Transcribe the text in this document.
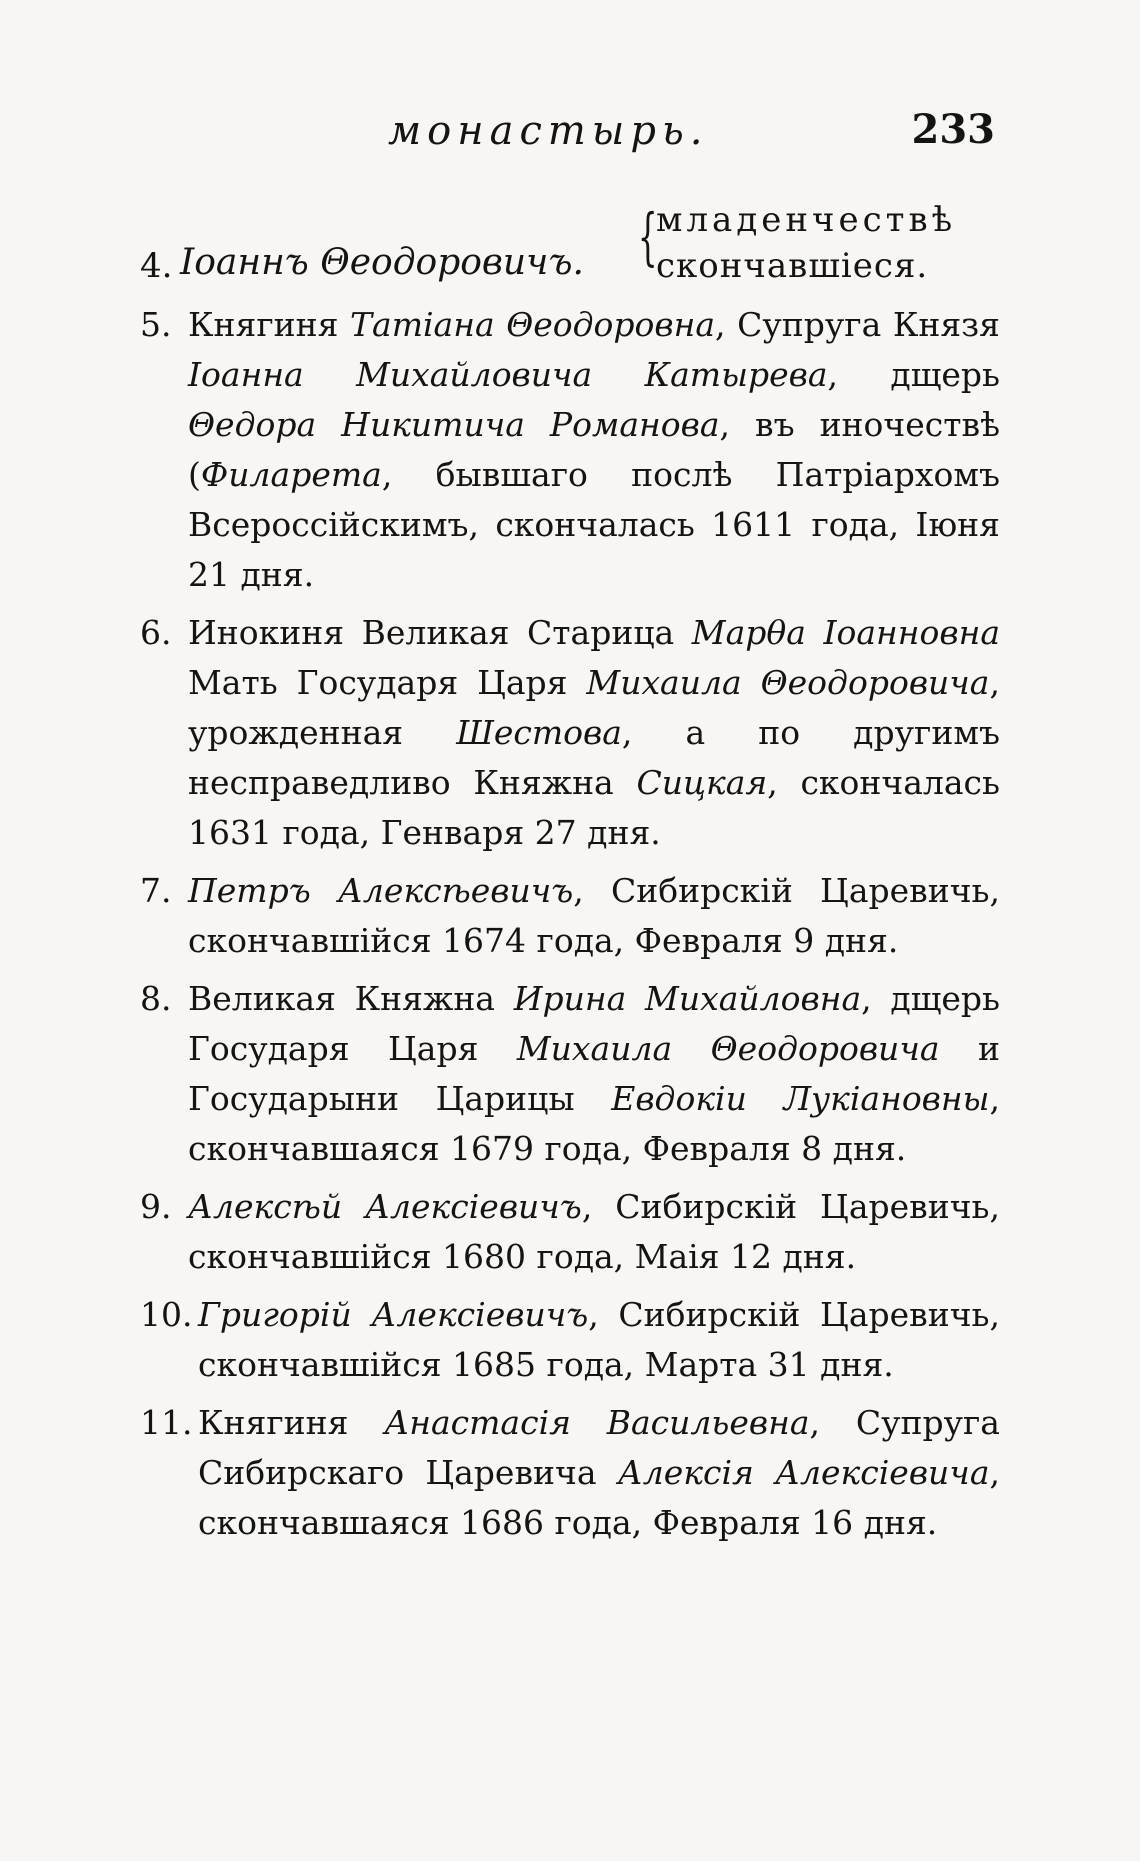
монастырь.	233
4. Іоаннъ Θеодоровичъ. {
младенчествѣ
скончавшіеся.
5. Княгиня Татіана Θеодоровна, Супруга Князя Іоанна Михайловича Катырева, дщерь Θедора Никитича Романова, въ иночествѣ (Филарета, бывшаго послѣ Патріархомъ Всероссійскимъ, скончалась 1611 года, Іюня 21 дня.
6. Инокиня Великая Старица Марθа Іоанновна Мать Государя Царя Михаила Θеодоровича, урожденная Шестова, а по другимъ несправедливо Княжна Сицкая, скончалась 1631 года, Генваря 27 дня.
7. Петръ Алексѣевичъ, Сибирскій Царевичь, скончавшійся 1674 года, Февраля 9 дня.
8. Великая Княжна Ирина Михайловна, дщерь Государя Царя Михаила Θеодоровича и Государыни Царицы Евдокіи Лукіановны, скончавшаяся 1679 года, Февраля 8 дня.
9. Алексѣй Алексіевичъ, Сибирскій Царевичь, скончавшійся 1680 года, Маія 12 дня.
10. Григорій Алексіевичъ, Сибирскій Царевичь, скончавшійся 1685 года, Марта 31 дня.
11. Княгиня Анастасія Васильевна, Супруга Сибирскаго Царевича Алексія Алексіевича, скончавшаяся 1686 года, Февраля 16 дня.
